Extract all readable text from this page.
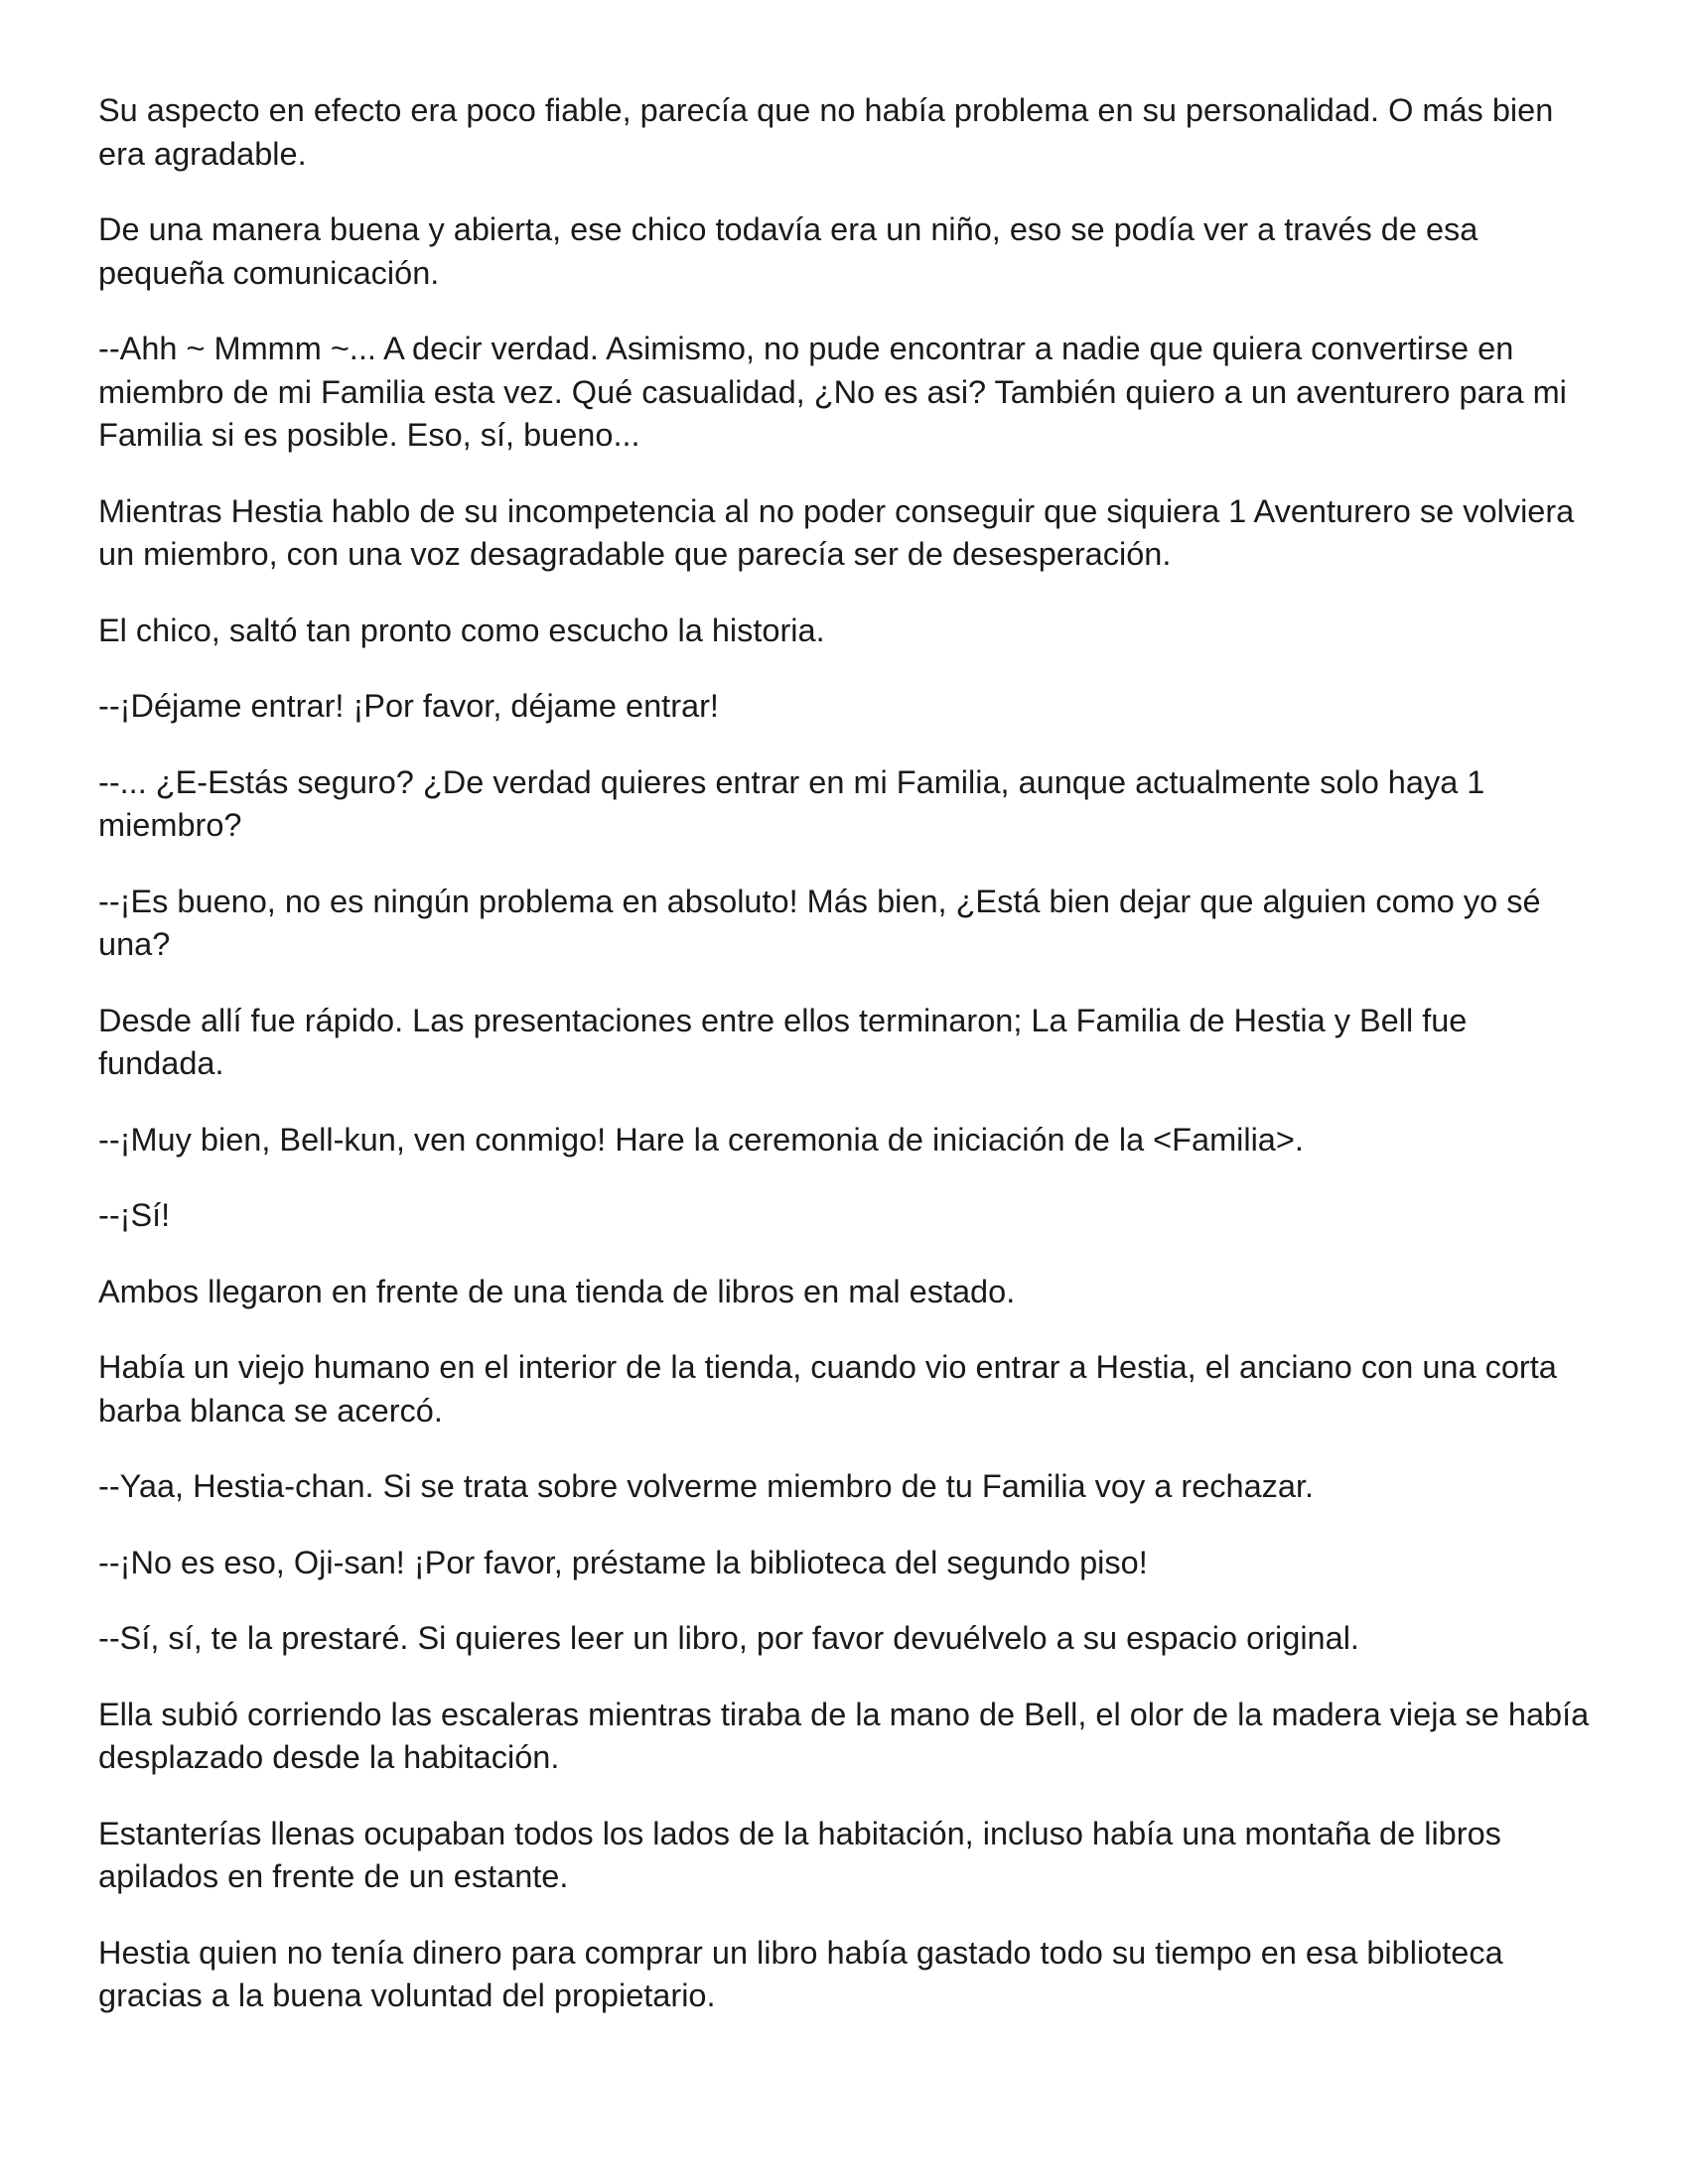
Su aspecto en efecto era poco fiable, parecía que no había problema en su personalidad. O más bien era agradable.

De una manera buena y abierta, ese chico todavía era un niño, eso se podía ver a través de esa pequeña comunicación.

--Ahh ~ Mmmm ~... A decir verdad. Asimismo, no pude encontrar a nadie que quiera convertirse en miembro de mi Familia esta vez. Qué casualidad, ¿No es asi? También quiero a un aventurero para mi Familia si es posible. Eso, sí, bueno...

Mientras Hestia hablo de su incompetencia al no poder conseguir que siquiera 1 Aventurero se volviera un miembro, con una voz desagradable que parecía ser de desesperación.

El chico, saltó tan pronto como escucho la historia.

--¡Déjame entrar! ¡Por favor, déjame entrar!

--... ¿E-Estás seguro? ¿De verdad quieres entrar en mi Familia, aunque actualmente solo haya 1 miembro?

--¡Es bueno, no es ningún problema en absoluto! Más bien, ¿Está bien dejar que alguien como yo sé una?

Desde allí fue rápido. Las presentaciones entre ellos terminaron; La Familia de Hestia y Bell fue fundada.

--¡Muy bien, Bell-kun, ven conmigo! Hare la ceremonia de iniciación de la <Familia>.

--¡Sí!

Ambos llegaron en frente de una tienda de libros en mal estado.

Había un viejo humano en el interior de la tienda, cuando vio entrar a Hestia, el anciano con una corta barba blanca se acercó.

--Yaa, Hestia-chan. Si se trata sobre volverme miembro de tu Familia voy a rechazar.

--¡No es eso, Oji-san! ¡Por favor, préstame la biblioteca del segundo piso!

--Sí, sí, te la prestaré. Si quieres leer un libro, por favor devuélvelo a su espacio original.

Ella subió corriendo las escaleras mientras tiraba de la mano de Bell, el olor de la madera vieja se había desplazado desde la habitación.

Estanterías llenas ocupaban todos los lados de la habitación, incluso había una montaña de libros apilados en frente de un estante.

Hestia quien no tenía dinero para comprar un libro había gastado todo su tiempo en esa biblioteca gracias a la buena voluntad del propietario.
